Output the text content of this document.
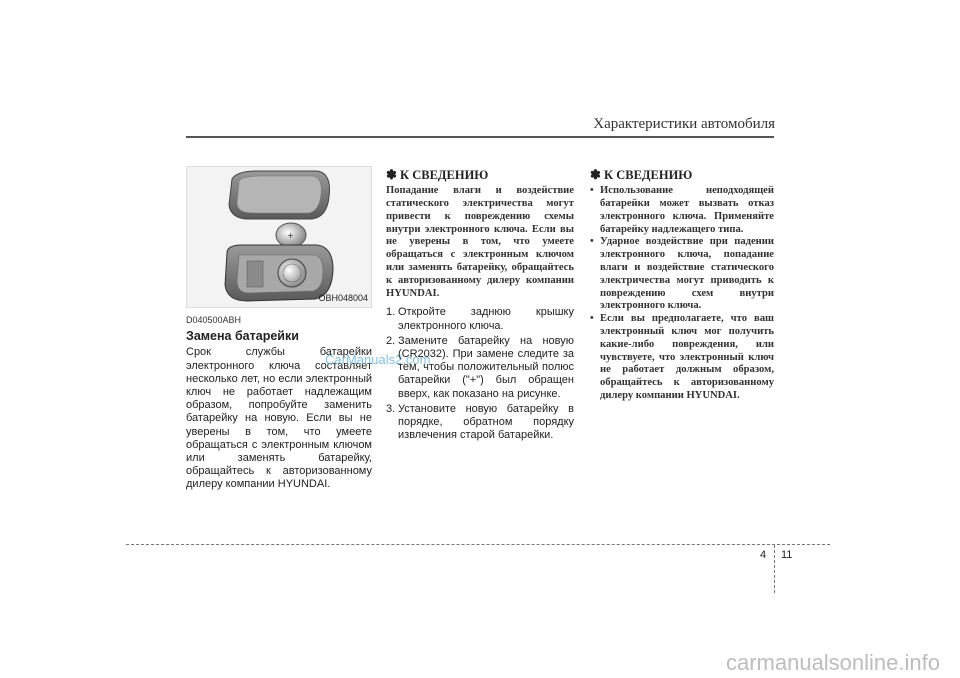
Характеристики автомобиля
+
OBH048004
D040500ABH
Замена батарейки
Срок службы батарейки электронного ключа составляет несколько лет, но если электронный ключ не работает надлежащим образом, попробуйте заменить батарейку на новую. Если вы не уверены в том, что умеете обращаться с электронным ключом или заменять батарейку, обращайтесь к авторизованному дилеру компании HYUNDAI.
CarManuals2.com
✽ К СВЕДЕНИЮ
Попадание влаги и воздействие статического электричества могут привести к повреждению схемы внутри электронного ключа. Если вы не уверены в том, что умеете обращаться с электронным ключом или заменять батарейку, обращайтесь к авторизованному дилеру компании HYUNDAI.
1. Откройте заднюю крышку электронного ключа.
2. Замените батарейку на новую (CR2032). При замене следите за тем, чтобы положительный полюс батарейки ("+") был обращен вверх, как показано на рисунке.
3. Установите новую батарейку в порядке, обратном порядку извлечения старой батарейки.
✽ К СВЕДЕНИЮ
• Использование неподходящей батарейки может вызвать отказ электронного ключа. Применяйте батарейку надлежащего типа.
• Ударное воздействие при падении электронного ключа, попадание влаги и воздействие статического электричества могут приводить к повреждению схем внутри электронного ключа.
• Если вы предполагаете, что ваш электронный ключ мог получить какие-либо повреждения, или чувствуете, что электронный ключ не работает должным образом, обращайтесь к авторизованному дилеру компании HYUNDAI.
4 11
carmanualsonline.info
